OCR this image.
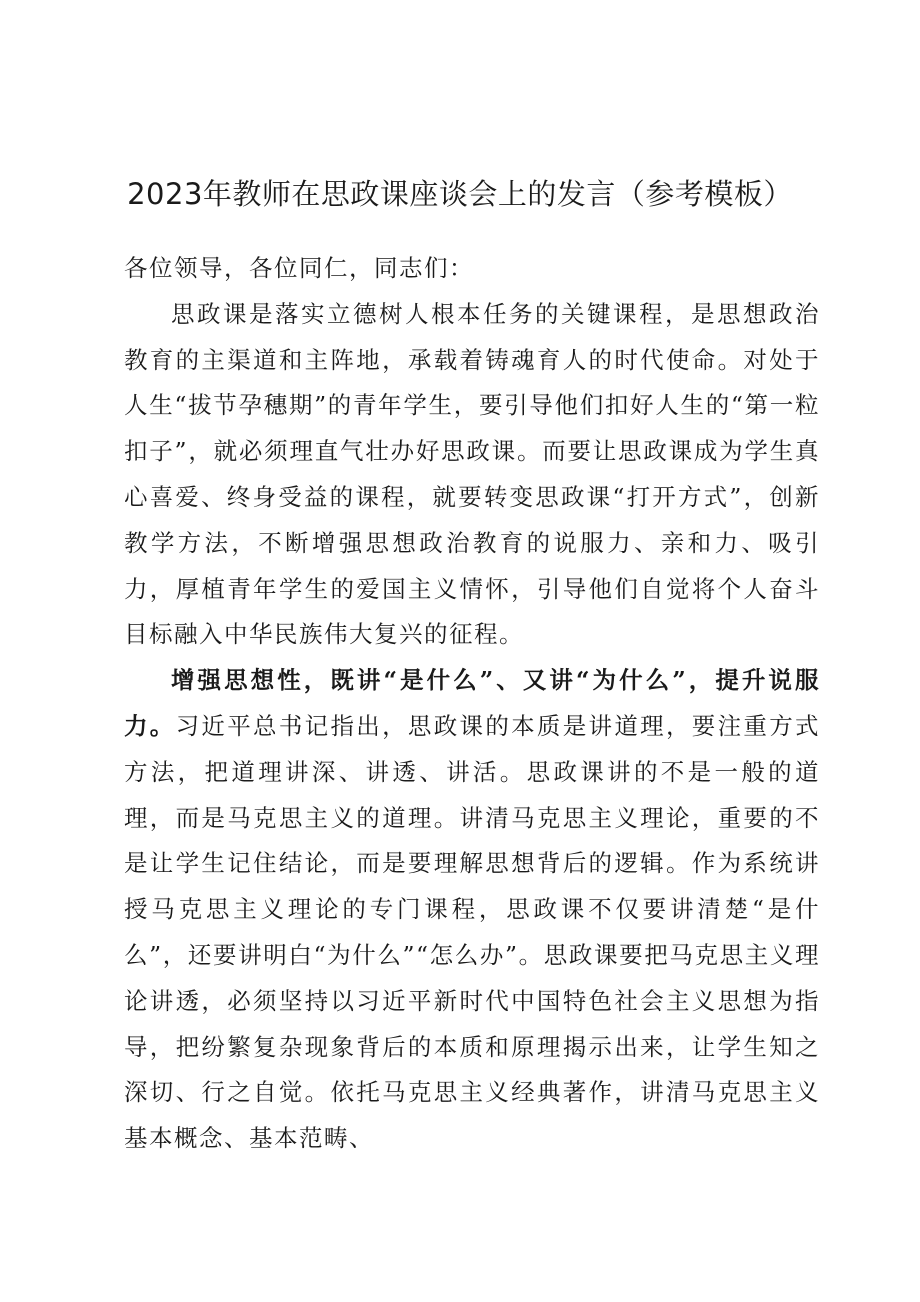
2023年教师在思政课座谈会上的发言（参考模板）

各位领导，各位同仁，同志们：

思政课是落实立德树人根本任务的关键课程，是思想政治教育的主渠道和主阵地，承载着铸魂育人的时代使命。对处于人生“拔节孕穗期”的青年学生，要引导他们扣好人生的“第一粒扣子”，就必须理直气壮办好思政课。而要让思政课成为学生真心喜爱、终身受益的课程，就要转变思政课“打开方式”，创新教学方法，不断增强思想政治教育的说服力、亲和力、吸引力，厚植青年学生的爱国主义情怀，引导他们自觉将个人奋斗目标融入中华民族伟大复兴的征程。

增强思想性，既讲“是什么”、又讲“为什么”，提升说服力。习近平总书记指出，思政课的本质是讲道理，要注重方式方法，把道理讲深、讲透、讲活。思政课讲的不是一般的道理，而是马克思主义的道理。讲清马克思主义理论，重要的不是让学生记住结论，而是要理解思想背后的逻辑。作为系统讲授马克思主义理论的专门课程，思政课不仅要讲清楚“是什么”，还要讲明白“为什么”“怎么办”。思政课要把马克思主义理论讲透，必须坚持以习近平新时代中国特色社会主义思想为指导，把纷繁复杂现象背后的本质和原理揭示出来，让学生知之深切、行之自觉。依托马克思主义经典著作，讲清马克思主义基本概念、基本范畴、
